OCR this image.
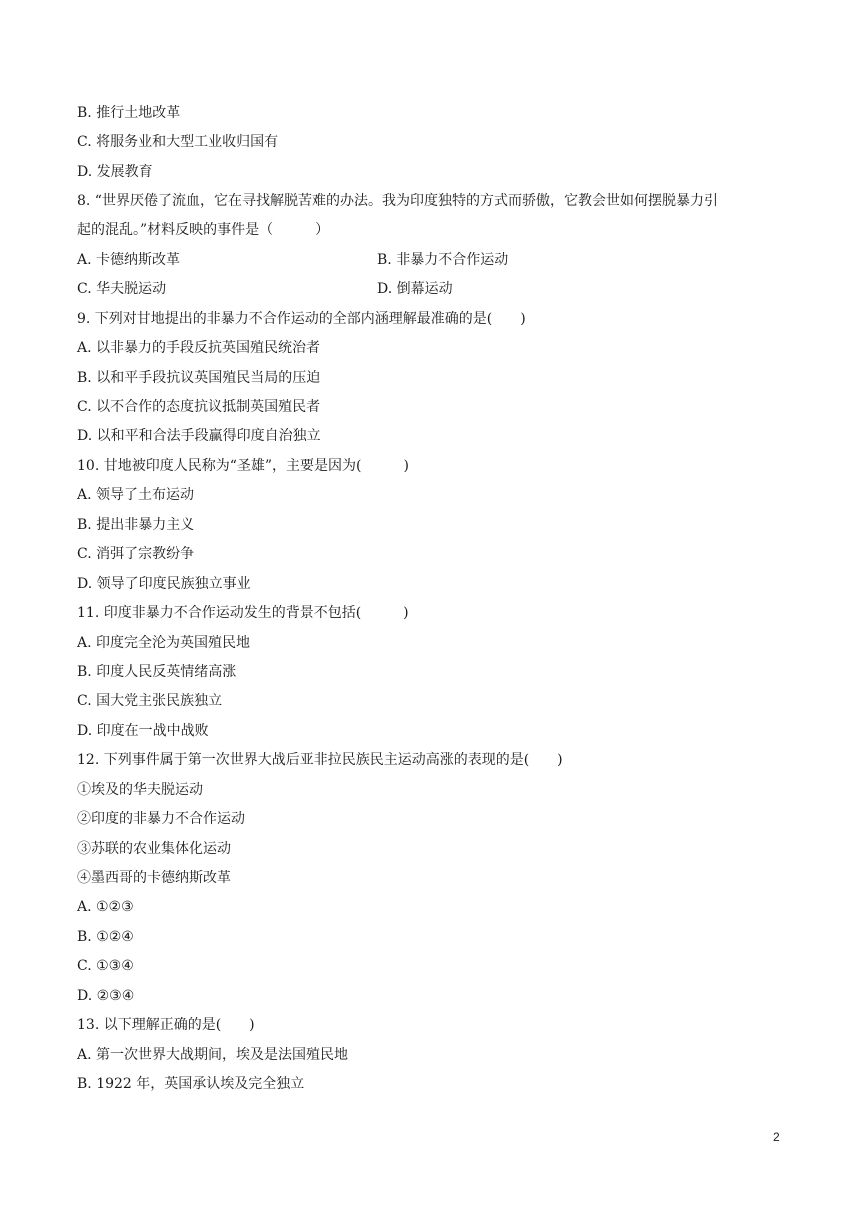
B. 推行土地改革
C. 将服务业和大型工业收归国有
D. 发展教育
8. “世界厌倦了流血，它在寻找解脱苦难的办法。我为印度独特的方式而骄傲，它教会世如何摆脱暴力引
起的混乱。”材料反映的事件是（　　　）
A. 卡德纳斯改革	B. 非暴力不合作运动
C. 华夫脱运动	D. 倒幕运动
9. 下列对甘地提出的非暴力不合作运动的全部内涵理解最准确的是(　　)
A. 以非暴力的手段反抗英国殖民统治者
B. 以和平手段抗议英国殖民当局的压迫
C. 以不合作的态度抗议抵制英国殖民者
D. 以和平和合法手段赢得印度自治独立
10. 甘地被印度人民称为“圣雄”，主要是因为(　　　)
A. 领导了土布运动
B. 提出非暴力主义
C. 消弭了宗教纷争
D. 领导了印度民族独立事业
11. 印度非暴力不合作运动发生的背景不包括(　　　)
A. 印度完全沦为英国殖民地
B. 印度人民反英情绪高涨
C. 国大党主张民族独立
D. 印度在一战中战败
12. 下列事件属于第一次世界大战后亚非拉民族民主运动高涨的表现的是(　　)
①埃及的华夫脱运动
②印度的非暴力不合作运动
③苏联的农业集体化运动
④墨西哥的卡德纳斯改革
A. ①②③
B. ①②④
C. ①③④
D. ②③④
13. 以下理解正确的是(　　)
A. 第一次世界大战期间，埃及是法国殖民地
B. 1922 年，英国承认埃及完全独立
2
